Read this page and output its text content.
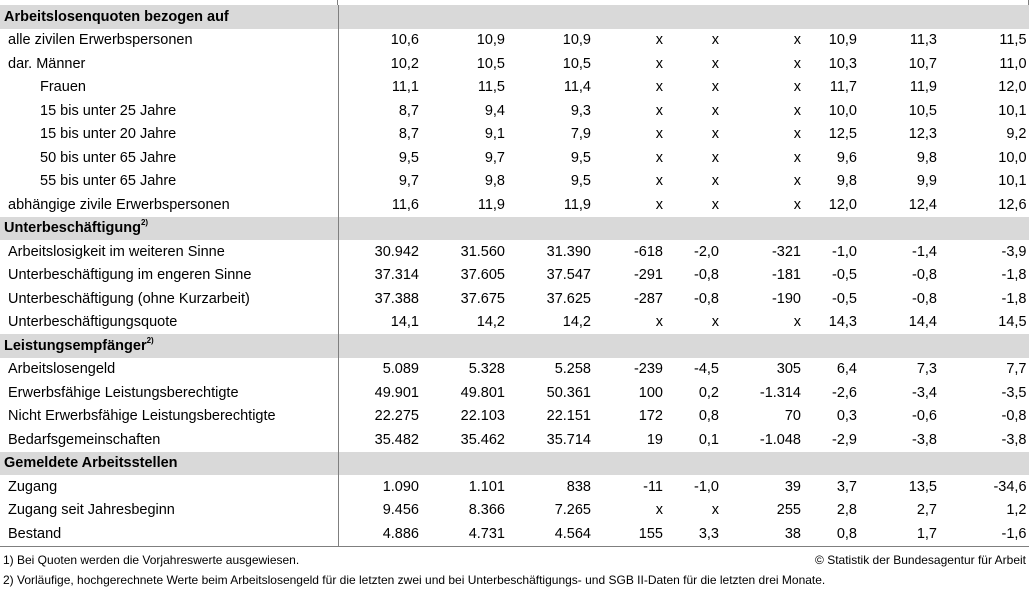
Arbeitslosenquoten bezogen auf									
alle zivilen Erwerbspersonen	10,6	10,9	10,9	x	x	x	10,9	11,3	11,5
dar. Männer	10,2	10,5	10,5	x	x	x	10,3	10,7	11,0
Frauen	11,1	11,5	11,4	x	x	x	11,7	11,9	12,0
15 bis unter 25 Jahre	8,7	9,4	9,3	x	x	x	10,0	10,5	10,1
15 bis unter 20 Jahre	8,7	9,1	7,9	x	x	x	12,5	12,3	9,2
50 bis unter 65 Jahre	9,5	9,7	9,5	x	x	x	9,6	9,8	10,0
55 bis unter 65 Jahre	9,7	9,8	9,5	x	x	x	9,8	9,9	10,1
abhängige zivile Erwerbspersonen	11,6	11,9	11,9	x	x	x	12,0	12,4	12,6
Unterbeschäftigung$^{2)}$	
Arbeitslosigkeit im weiteren Sinne	30.942	31.560	31.390	-618	-2,0	-321	-1,0	-1,4	-3,9
Unterbeschäftigung im engeren Sinne	37.314	37.605	37.547	-291	-0,8	-181	-0,5	-0,8	-1,8
Unterbeschäftigung (ohne Kurzarbeit)	37.388	37.675	37.625	-287	-0,8	-190	-0,5	-0,8	-1,8
Unterbeschäftigungsquote	14,1	14,2	14,2	x	x	x	14,3	14,4	14,5
Leistungsempfänger$^{2)}$	
Arbeitslosengeld	5.089	5.328	5.258	-239	-4,5	305	6,4	7,3	7,7
Erwerbsfähige Leistungsberechtigte	49.901	49.801	50.361	100	0,2	-1.314	-2,6	-3,4	-3,5
Nicht Erwerbsfähige Leistungsberechtigte	22.275	22.103	22.151	172	0,8	70	0,3	-0,6	-0,8
Bedarfsgemeinschaften	35.482	35.462	35.714	19	0,1	-1.048	-2,9	-3,8	-3,8
Gemeldete Arbeitsstellen									
Zugang	1.090	1.101	838	-11	-1,0	39	3,7	13,5	-34,6
Zugang seit Jahresbeginn	9.456	8.366	7.265	x	x	255	2,8	2,7	1,2
Bestand	4.886	4.731	4.564	155	3,3	38	0,8	1,7	-1,6
1) Bei Quoten werden die Vorjahreswerte ausgewiesen.	© Statistik der Bundesagentur für Arbeit
2) Vorläufige, hochgerechnete Werte beim Arbeitslosengeld für die letzten zwei und bei Unterbeschäftigungs- und SGB II-Daten für die letzten drei Monate.
